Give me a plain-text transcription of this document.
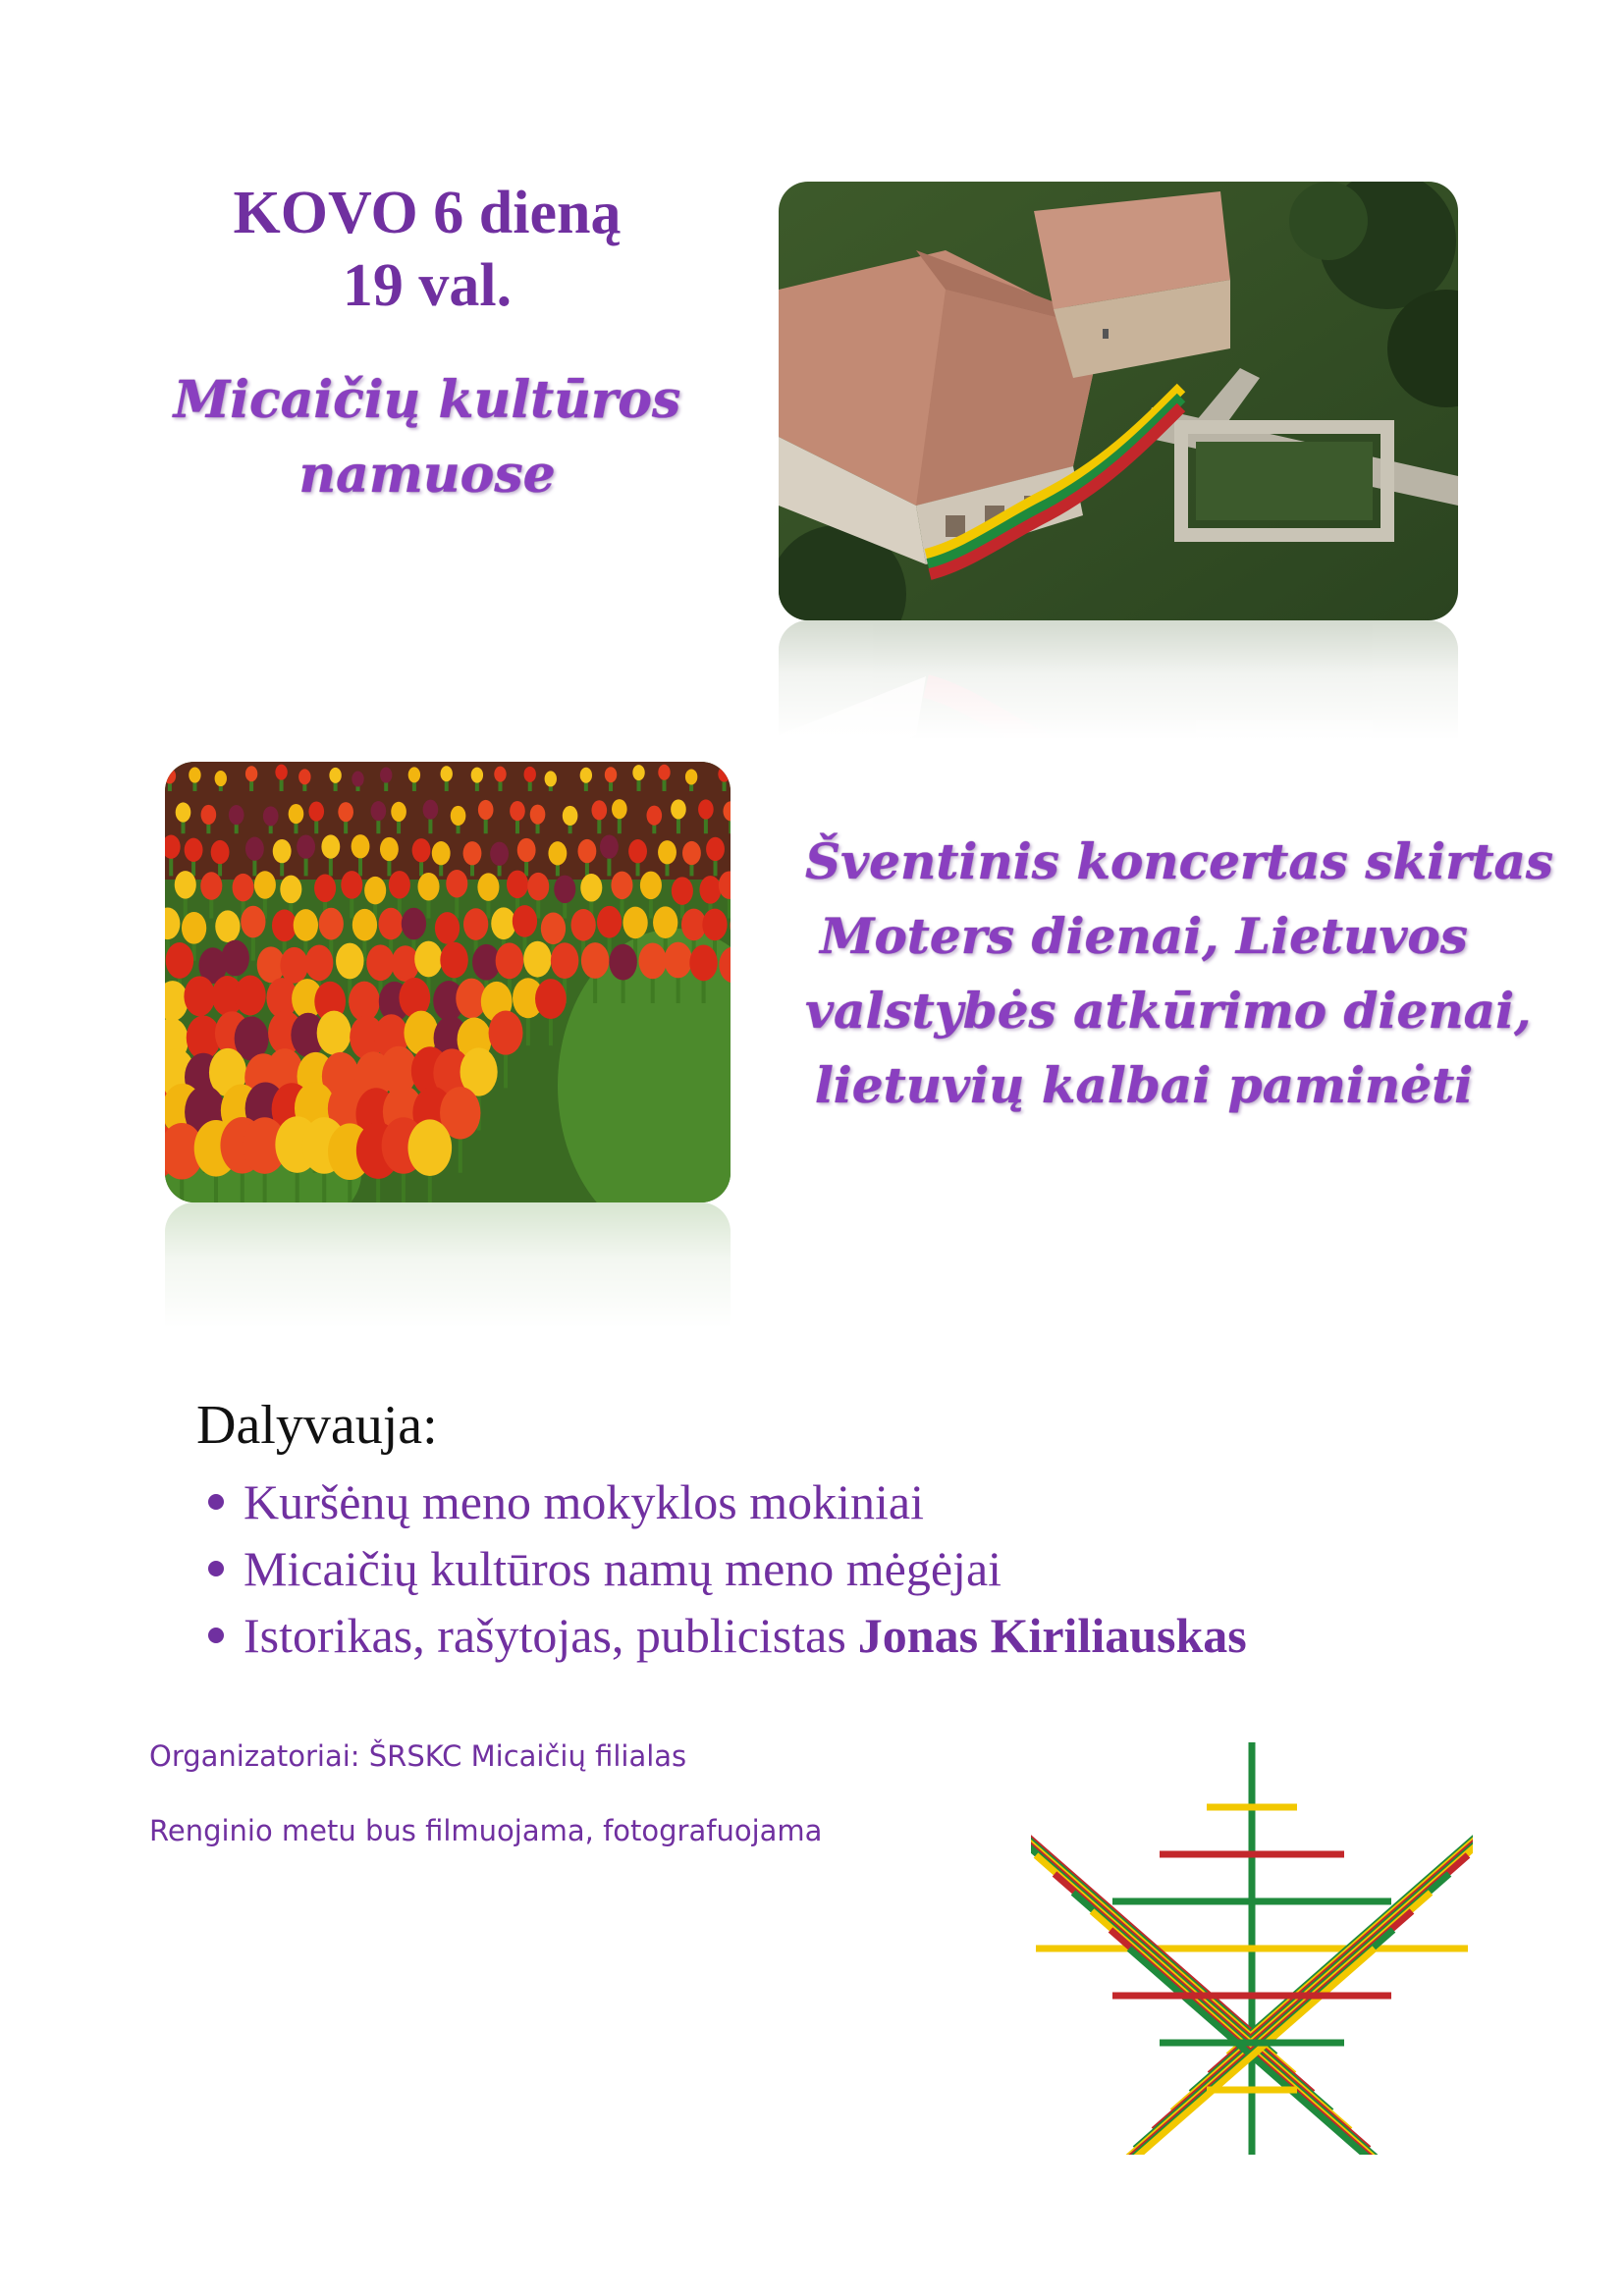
KOVO 6 dieną

19 val.

Micaičių kultūros

namuose

Šventinis koncertas skirtas

Moters dienai, Lietuvos

valstybės atkūrimo dienai,

lietuvių kalbai paminėti

Dalyvauja:

Kuršėnų meno mokyklos mokiniai
Micaičių kultūros namų meno mėgėjai
Istorikas, rašytojas, publicistas Jonas Kiriliauskas
Organizatoriai: ŠRSKC Micaičių filialas
Renginio metu bus filmuojama, fotografuojama
